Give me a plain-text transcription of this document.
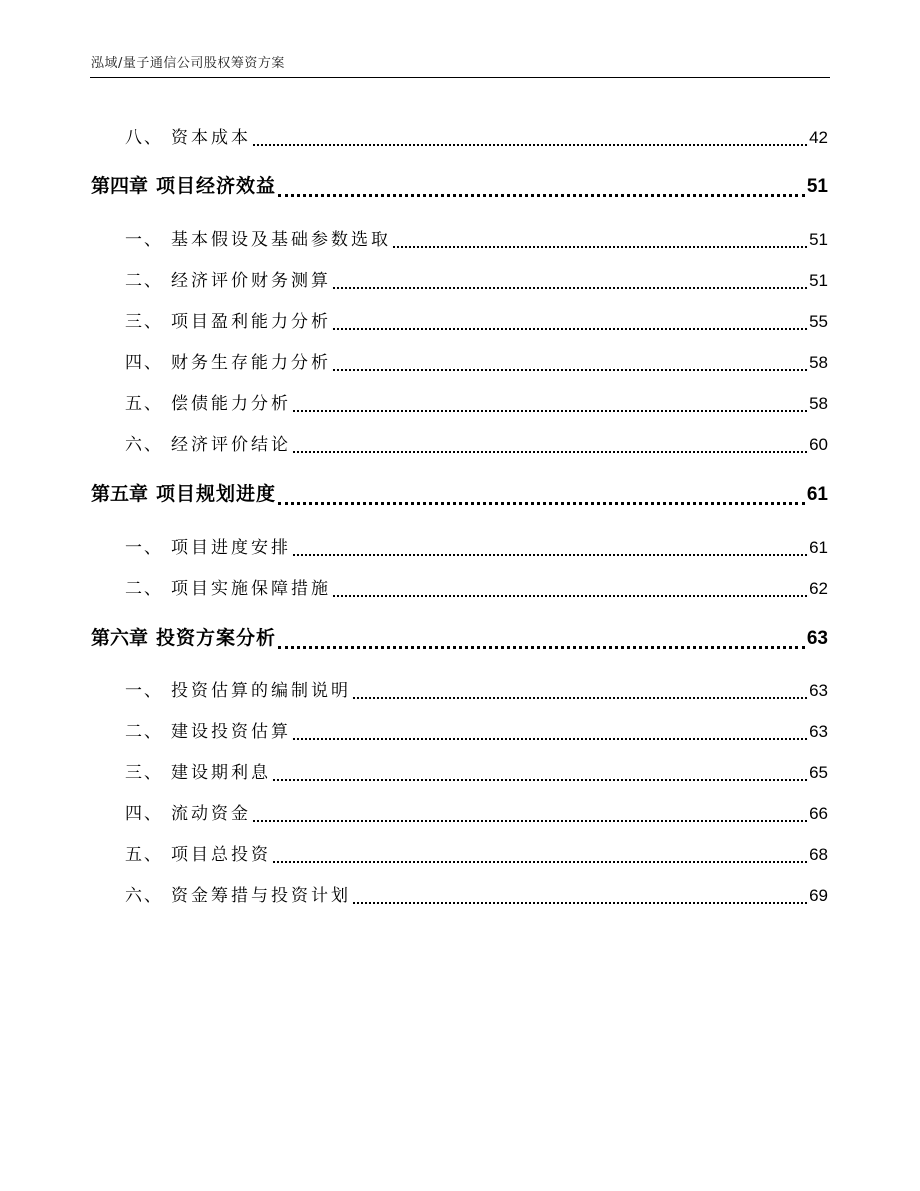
泓域/量子通信公司股权筹资方案
八、 资本成本	42
第四章 项目经济效益	51
一、 基本假设及基础参数选取	51
二、 经济评价财务测算	51
三、 项目盈利能力分析	55
四、 财务生存能力分析	58
五、 偿债能力分析	58
六、 经济评价结论	60
第五章 项目规划进度	61
一、 项目进度安排	61
二、 项目实施保障措施	62
第六章 投资方案分析	63
一、 投资估算的编制说明	63
二、 建设投资估算	63
三、 建设期利息	65
四、 流动资金	66
五、 项目总投资	68
六、 资金筹措与投资计划	69
